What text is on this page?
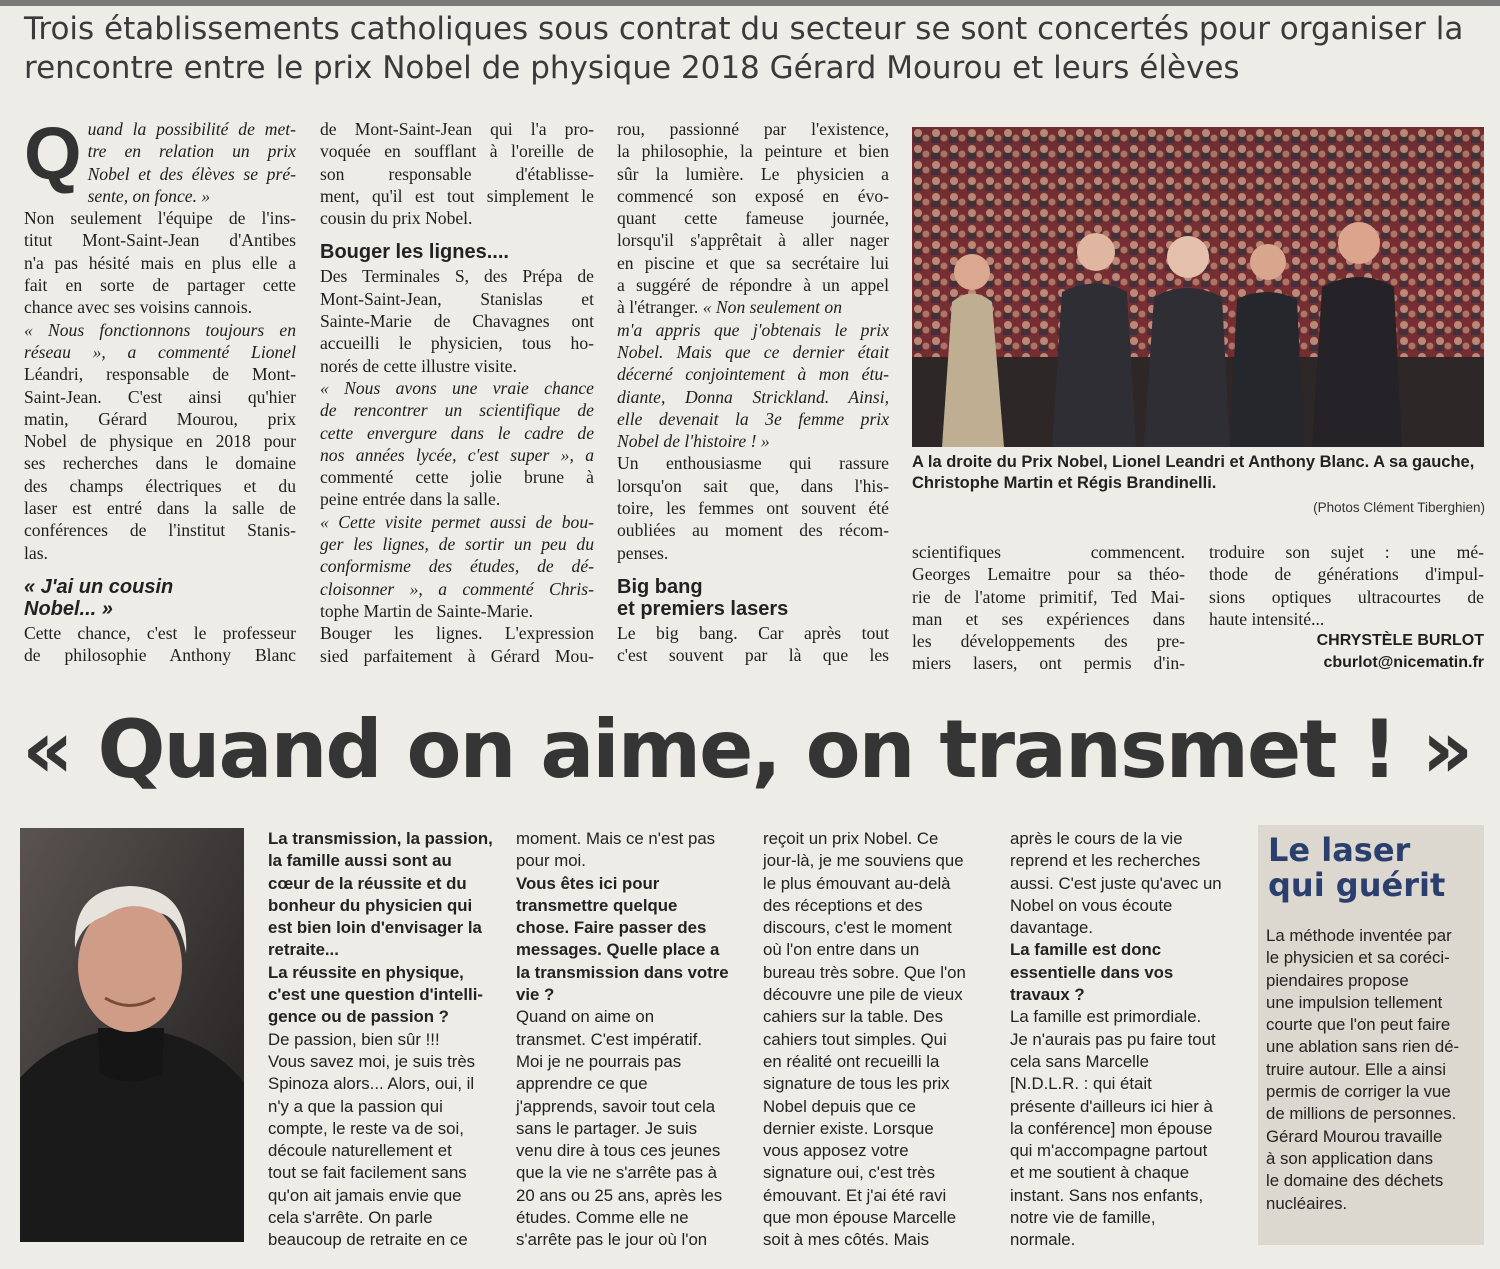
Trois établissements catholiques sous contrat du secteur se sont concertés pour organiser la
rencontre entre le prix Nobel de physique 2018 Gérard Mourou et leurs élèves
Q uand la possibilité de met-
tre en relation un prix
Nobel et des élèves se pré-
sente, on fonce. »
Non seulement l'équipe de l'ins-
titut Mont-Saint-Jean d'Antibes
n'a pas hésité mais en plus elle a
fait en sorte de partager cette
chance avec ses voisins cannois.
« Nous fonctionnons toujours en
réseau », a commenté Lionel
Léandri, responsable de Mont-
Saint-Jean. C'est ainsi qu'hier
matin, Gérard Mourou, prix
Nobel de physique en 2018 pour
ses recherches dans le domaine
des champs électriques et du
laser est entré dans la salle de
conférences de l'institut Stanis-
las.
« J'ai un cousin
Nobel... »
Cette chance, c'est le professeur
de philosophie Anthony Blanc
de Mont-Saint-Jean qui l'a pro-
voquée en soufflant à l'oreille de
son responsable d'établisse-
ment, qu'il est tout simplement le
cousin du prix Nobel.
Bouger les lignes....
Des Terminales S, des Prépa de
Mont-Saint-Jean, Stanislas et
Sainte-Marie de Chavagnes ont
accueilli le physicien, tous ho-
norés de cette illustre visite.
« Nous avons une vraie chance
de rencontrer un scientifique de
cette envergure dans le cadre de
nos années lycée, c'est super », a
commenté cette jolie brune à
peine entrée dans la salle.
« Cette visite permet aussi de bou-
ger les lignes, de sortir un peu du
conformisme des études, de dé-
cloisonner », a commenté Chris-
tophe Martin de Sainte-Marie.
Bouger les lignes. L'expression
sied parfaitement à Gérard Mou-
rou, passionné par l'existence,
la philosophie, la peinture et bien
sûr la lumière. Le physicien a
commencé son exposé en évo-
quant cette fameuse journée,
lorsqu'il s'apprêtait à aller nager
en piscine et que sa secrétaire lui
a suggéré de répondre à un appel
à l'étranger. « Non seulement on
m'a appris que j'obtenais le prix
Nobel. Mais que ce dernier était
décerné conjointement à mon étu-
diante, Donna Strickland. Ainsi,
elle devenait la 3e femme prix
Nobel de l'histoire ! »
Un enthousiasme qui rassure
lorsqu'on sait que, dans l'his-
toire, les femmes ont souvent été
oubliées au moment des récom-
penses.
Big bang
et premiers lasers
Le big bang. Car après tout
c'est souvent par là que les
A la droite du Prix Nobel, Lionel Leandri et Anthony Blanc. A sa gauche, Christophe Martin et Régis Brandinelli.
(Photos Clément Tiberghien)
scientifiques commencent.
Georges Lemaitre pour sa théo-
rie de l'atome primitif, Ted Mai-
man et ses expériences dans
les développements des pre-
miers lasers, ont permis d'in-
troduire son sujet : une mé-
thode de générations d'impul-
sions optiques ultracourtes de
haute intensité...
CHRYSTÈLE BURLOT
cburlot@nicematin.fr
« Quand on aime, on transmet ! »
La transmission, la passion,
la famille aussi sont au
cœur de la réussite et du
bonheur du physicien qui
est bien loin d'envisager la
retraite...
La réussite en physique,
c'est une question d'intelli-
gence ou de passion ?
De passion, bien sûr !!!
Vous savez moi, je suis très
Spinoza alors... Alors, oui, il
n'y a que la passion qui
compte, le reste va de soi,
découle naturellement et
tout se fait facilement sans
qu'on ait jamais envie que
cela s'arrête. On parle
beaucoup de retraite en ce
moment. Mais ce n'est pas
pour moi.
Vous êtes ici pour
transmettre quelque
chose. Faire passer des
messages. Quelle place a
la transmission dans votre
vie ?
Quand on aime on
transmet. C'est impératif.
Moi je ne pourrais pas
apprendre ce que
j'apprends, savoir tout cela
sans le partager. Je suis
venu dire à tous ces jeunes
que la vie ne s'arrête pas à
20 ans ou 25 ans, après les
études. Comme elle ne
s'arrête pas le jour où l'on
reçoit un prix Nobel. Ce
jour-là, je me souviens que
le plus émouvant au-delà
des réceptions et des
discours, c'est le moment
où l'on entre dans un
bureau très sobre. Que l'on
découvre une pile de vieux
cahiers sur la table. Des
cahiers tout simples. Qui
en réalité ont recueilli la
signature de tous les prix
Nobel depuis que ce
dernier existe. Lorsque
vous apposez votre
signature oui, c'est très
émouvant. Et j'ai été ravi
que mon épouse Marcelle
soit à mes côtés. Mais
après le cours de la vie
reprend et les recherches
aussi. C'est juste qu'avec un
Nobel on vous écoute
davantage.
La famille est donc
essentielle dans vos
travaux ?
La famille est primordiale.
Je n'aurais pas pu faire tout
cela sans Marcelle
[N.D.L.R. : qui était
présente d'ailleurs ici hier à
la conférence] mon épouse
qui m'accompagne partout
et me soutient à chaque
instant. Sans nos enfants,
notre vie de famille,
normale.
Le laser
qui guérit
La méthode inventée par
le physicien et sa coréci-
piendaires propose
une impulsion tellement
courte que l'on peut faire
une ablation sans rien dé-
truire autour. Elle a ainsi
permis de corriger la vue
de millions de personnes.
Gérard Mourou travaille
à son application dans
le domaine des déchets
nucléaires.
